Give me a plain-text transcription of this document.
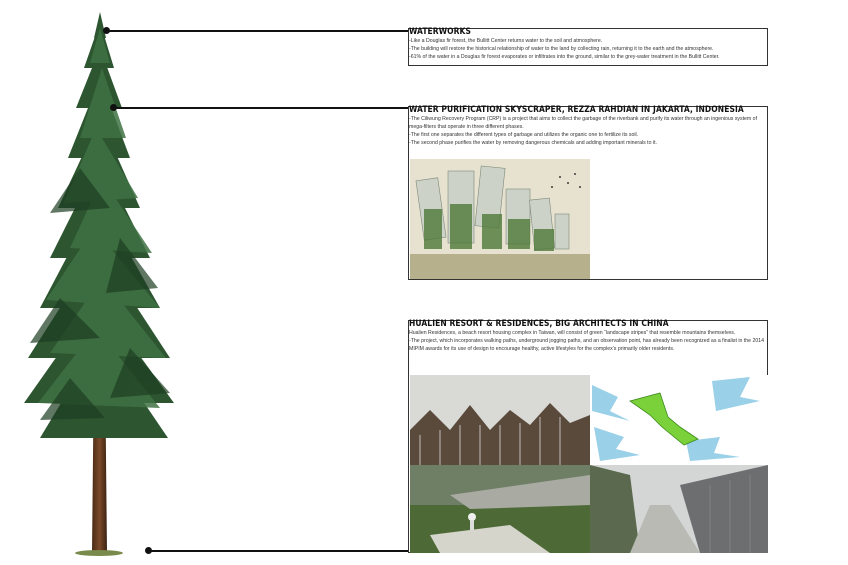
WATERWORKS
-Like a Douglas fir forest, the Bullitt Center returns water to the soil and atmosphere.
-The building will restore the historical relationship of water to the land by collecting rain, returning it to the earth and the atmosphere.
-61% of the water in a Douglas fir forest evaporates or infiltrates into the ground, similar to the grey-water treatment in the Bullitt Center.
WATER PURIFICATION SKYSCRAPER, REZZA RAHDIAN IN JAKARTA, INDONESIA
-The Ciliwung Recovery Program (CRP) is a project that aims to collect the garbage of the riverbank and purify its water through an ingenious system of mega-filters that operate in three different phases.
-The first one separates the different types of garbage and utilizes the organic one to fertilize its soil.
-The second phase purifies the water by removing dangerous chemicals and adding important minerals to it.
HUALIEN RESORT & RESIDENCES, BIG ARCHITECTS IN CHINA
Hualien Residences, a beach resort housing complex in Taiwan, will consist of green “landscape stripes” that resemble mountains themselves.
-The project, which incorporates walking paths, underground jogging paths, and an observation point, has already been recognized as a finalist in the 2014 MIPIM awards for its use of design to encourage healthy, active lifestyles for the complex’s primarily older residents.
